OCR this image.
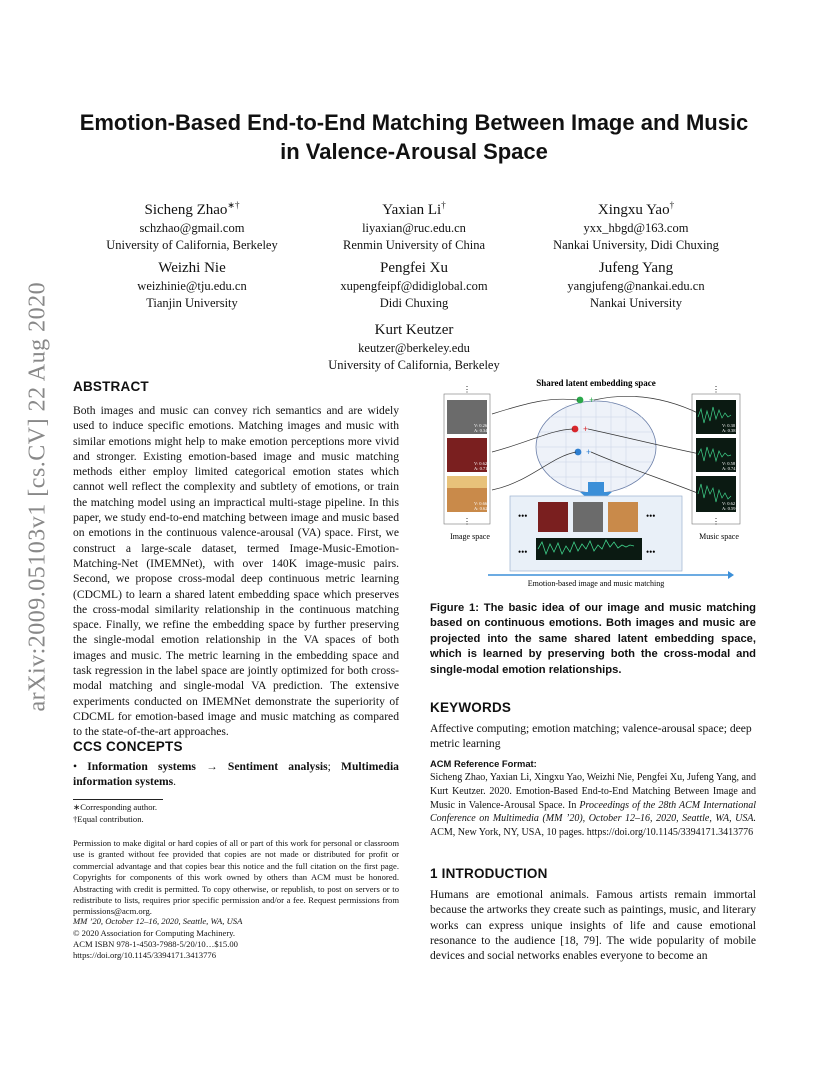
Emotion-Based End-to-End Matching Between Image and Music
in Valence-Arousal Space
Sicheng Zhao∗†
schzhao@gmail.com
University of California, Berkeley
Yaxian Li†
liyaxian@ruc.edu.cn
Renmin University of China
Xingxu Yao†
yxx_hbgd@163.com
Nankai University, Didi Chuxing
Weizhi Nie
weizhinie@tju.edu.cn
Tianjin University
Pengfei Xu
xupengfeipf@didiglobal.com
Didi Chuxing
Jufeng Yang
yangjufeng@nankai.edu.cn
Nankai University
Kurt Keutzer
keutzer@berkeley.edu
University of California, Berkeley
arXiv:2009.05103v1 [cs.CV] 22 Aug 2020 ABSTRACT
Both images and music can convey rich semantics and are widely used to induce specific emotions. Matching images and music with similar emotions might help to make emotion perceptions more vivid and stronger. Existing emotion-based image and music matching methods either employ limited categorical emotion states which cannot well reflect the complexity and subtlety of emotions, or train the matching model using an impractical multi-stage pipeline. In this paper, we study end-to-end matching between image and music based on emotions in the continuous valence-arousal (VA) space. First, we construct a large-scale dataset, termed Image-Music-Emotion-Matching-Net (IMEMNet), with over 140K image-music pairs. Second, we propose cross-modal deep continuous metric learning (CDCML) to learn a shared latent embedding space which preserves the cross-modal similarity relationship in the continuous matching space. Finally, we refine the embedding space by further preserving the single-modal emotion relationship in the VA spaces of both images and music. The metric learning in the embedding space and task regression in the label space are jointly optimized for both cross-modal matching and single-modal VA prediction. The extensive experiments conducted on IMEMNet demonstrate the superiority of CDCML for emotion-based image and music matching as compared to the state-of-the-art approaches.
CCS CONCEPTS
• Information systems → Sentiment analysis; Multimedia information systems.
∗Corresponding author.
†Equal contribution.
Permission to make digital or hard copies of all or part of this work for personal or classroom use is granted without fee provided that copies are not made or distributed for profit or commercial advantage and that copies bear this notice and the full citation on the first page. Copyrights for components of this work owned by others than ACM must be honored. Abstracting with credit is permitted. To copy otherwise, or republish, to post on servers or to redistribute to lists, requires prior specific permission and/or a fee. Request permissions from permissions@acm.org.
MM ’20, October 12–16, 2020, Seattle, WA, USA
© 2020 Association for Computing Machinery.
ACM ISBN 978-1-4503-7988-5/20/10…$15.00
https://doi.org/10.1145/3394171.3413776
Shared latent embedding space
+
+
+
⋮
⋮
V: 0.26
A: 0.34
V: 0.62
A: 0.71
V: 0.66
A: 0.62
Image space
⋮
⋮
V: 0.30
A: 0.38
V: 0.58
A: 0.74
V: 0.62
A: 0.59
Music space
•••	•••
•••	•••
Emotion-based image and music matching
Figure 1: The basic idea of our image and music matching based on continuous emotions. Both images and music are projected into the same shared latent embedding space, which is learned by preserving both the cross-modal and single-modal emotion relationships.
KEYWORDS
Affective computing; emotion matching; valence-arousal space; deep metric learning
ACM Reference Format:
Sicheng Zhao, Yaxian Li, Xingxu Yao, Weizhi Nie, Pengfei Xu, Jufeng Yang, and Kurt Keutzer. 2020. Emotion-Based End-to-End Matching Between Image and Music in Valence-Arousal Space. In Proceedings of the 28th ACM International Conference on Multimedia (MM ’20), October 12–16, 2020, Seattle, WA, USA. ACM, New York, NY, USA, 10 pages. https://doi.org/10.1145/3394171.3413776
1 INTRODUCTION
Humans are emotional animals. Famous artists remain immortal because the artworks they create such as paintings, music, and literary works can express unique insights of life and cause emotional resonance to the audience [18, 79]. The wide popularity of mobile devices and social networks enables everyone to become an
